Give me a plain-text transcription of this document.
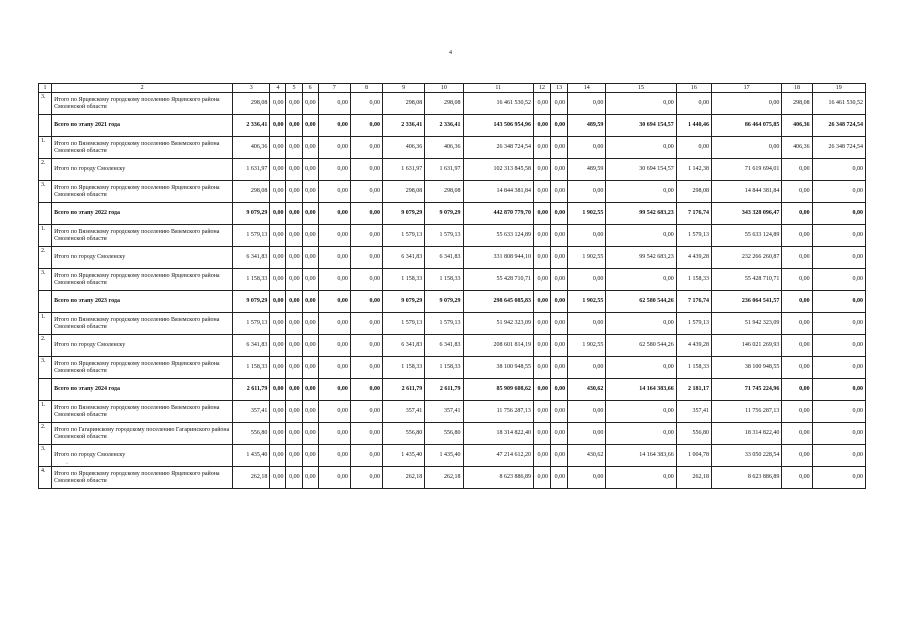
4
1	2	3	4	5	6	7	8	9	10	11	12	13	14	15	16	17	18	19
3.	Итого по Ярцевскому городскому поселению Ярцевского района Смоленской области	298,08	0,00	0,00	0,00	0,00	0,00	298,08	298,08	16 461 530,52	0,00	0,00	0,00	0,00	0,00	0,00	298,08	16 461 530,52
	Всего по этапу 2021 года	2 336,41	0,00	0,00	0,00	0,00	0,00	2 336,41	2 336,41	143 506 954,96	0,00	0,00	489,59	30 694 154,57	1 440,46	86 464 075,85	406,36	26 348 724,54
1.	Итого по Вяземскому городскому поселению Вяземского района Смоленской области	406,36	0,00	0,00	0,00	0,00	0,00	406,36	406,36	26 348 724,54	0,00	0,00	0,00	0,00	0,00	0,00	406,36	26 348 724,54
2.	Итого по городу Смоленску	1 631,97	0,00	0,00	0,00	0,00	0,00	1 631,97	1 631,97	102 313 845,58	0,00	0,00	489,59	30 694 154,57	1 142,38	71 619 694,01	0,00	0,00
3.	Итого по Ярцевскому городскому поселению Ярцевского района Смоленской области	298,08	0,00	0,00	0,00	0,00	0,00	298,08	298,08	14 844 381,84	0,00	0,00	0,00	0,00	298,08	14 844 381,84	0,00	0,00
	Всего по этапу 2022 года	9 079,29	0,00	0,00	0,00	0,00	0,00	9 079,29	9 079,29	442 870 779,70	0,00	0,00	1 902,55	99 542 683,23	7 176,74	343 328 096,47	0,00	0,00
1.	Итого по Вяземскому городскому поселению Вяземского района Смоленской области	1 579,13	0,00	0,00	0,00	0,00	0,00	1 579,13	1 579,13	55 633 124,89	0,00	0,00	0,00	0,00	1 579,13	55 633 124,89	0,00	0,00
2.	Итого по городу Смоленску	6 341,83	0,00	0,00	0,00	0,00	0,00	6 341,83	6 341,83	331 808 944,10	0,00	0,00	1 902,55	99 542 683,23	4 439,28	232 266 260,87	0,00	0,00
3.	Итого по Ярцевскому городскому поселению Ярцевского района Смоленской области	1 158,33	0,00	0,00	0,00	0,00	0,00	1 158,33	1 158,33	55 428 710,71	0,00	0,00	0,00	0,00	1 158,33	55 428 710,71	0,00	0,00
	Всего по этапу 2023 года	9 079,29	0,00	0,00	0,00	0,00	0,00	9 079,29	9 079,29	298 645 085,83	0,00	0,00	1 902,55	62 580 544,26	7 176,74	236 064 541,57	0,00	0,00
1.	Итого по Вяземскому городскому поселению Вяземского района Смоленской области	1 579,13	0,00	0,00	0,00	0,00	0,00	1 579,13	1 579,13	51 942 323,09	0,00	0,00	0,00	0,00	1 579,13	51 942 323,09	0,00	0,00
2.	Итого по городу Смоленску	6 341,83	0,00	0,00	0,00	0,00	0,00	6 341,83	6 341,83	208 601 814,19	0,00	0,00	1 902,55	62 580 544,26	4 439,28	146 021 269,93	0,00	0,00
3.	Итого по Ярцевскому городскому поселению Ярцевского района Смоленской области	1 158,33	0,00	0,00	0,00	0,00	0,00	1 158,33	1 158,33	38 100 948,55	0,00	0,00	0,00	0,00	1 158,33	38 100 948,55	0,00	0,00
	Всего по этапу 2024 года	2 611,79	0,00	0,00	0,00	0,00	0,00	2 611,79	2 611,79	85 909 608,62	0,00	0,00	430,62	14 164 383,66	2 181,17	71 745 224,96	0,00	0,00
1.	Итого по Вяземскому городскому поселению Вяземского района Смоленской области	357,41	0,00	0,00	0,00	0,00	0,00	357,41	357,41	11 756 287,13	0,00	0,00	0,00	0,00	357,41	11 756 287,13	0,00	0,00
2.	Итого по Гагаринскому городскому поселению Гагаринского района Смоленской области	556,80	0,00	0,00	0,00	0,00	0,00	556,80	556,80	18 314 822,40	0,00	0,00	0,00	0,00	556,80	18 314 822,40	0,00	0,00
3.	Итого по городу Смоленску	1 435,40	0,00	0,00	0,00	0,00	0,00	1 435,40	1 435,40	47 214 612,20	0,00	0,00	430,62	14 164 383,66	1 004,78	33 050 228,54	0,00	0,00
4.	Итого по Ярцевскому городскому поселению Ярцевского района Смоленской области	262,18	0,00	0,00	0,00	0,00	0,00	262,18	262,18	8 623 886,89	0,00	0,00	0,00	0,00	262,18	8 623 886,89	0,00	0,00
·
